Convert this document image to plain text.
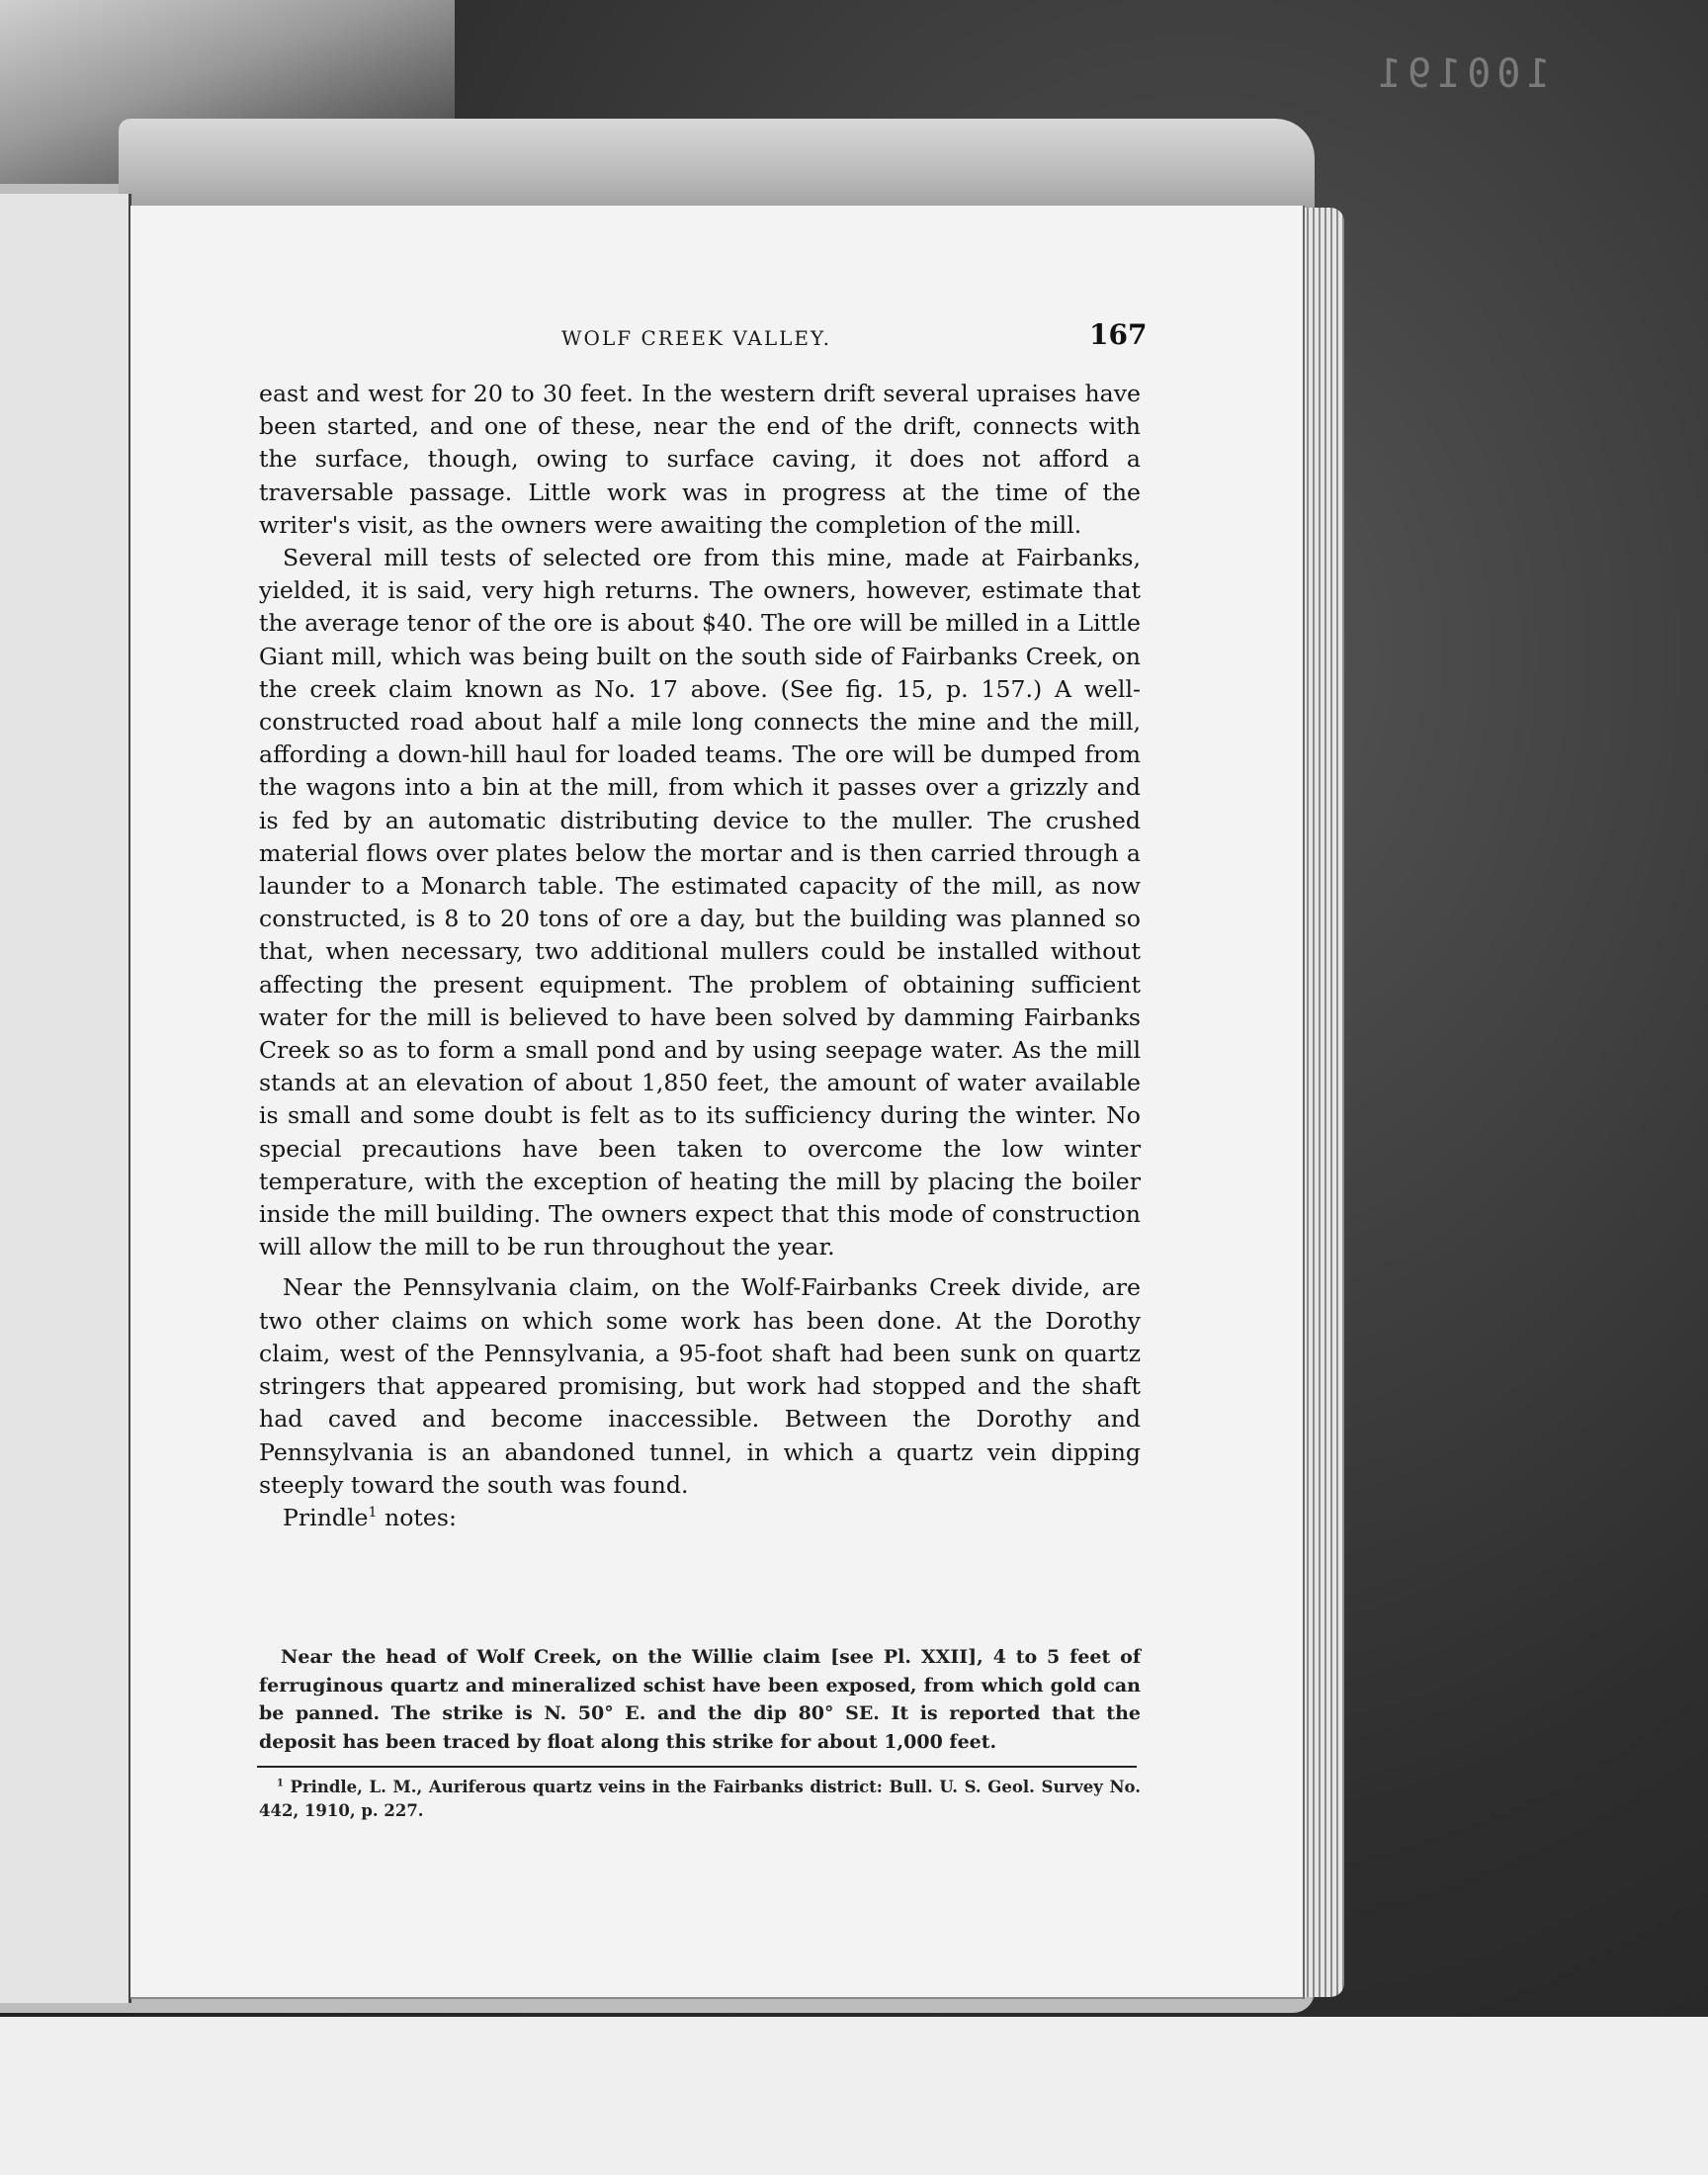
100191
WOLF CREEK VALLEY.	167

east and west for 20 to 30 feet. In the western drift several upraises have been started, and one of these, near the end of the drift, connects with the surface, though, owing to surface caving, it does not afford a traversable passage. Little work was in progress at the time of the writer's visit, as the owners were awaiting the completion of the mill.

Several mill tests of selected ore from this mine, made at Fairbanks, yielded, it is said, very high returns. The owners, however, estimate that the average tenor of the ore is about $40. The ore will be milled in a Little Giant mill, which was being built on the south side of Fairbanks Creek, on the creek claim known as No. 17 above. (See fig. 15, p. 157.) A well-constructed road about half a mile long connects the mine and the mill, affording a down-hill haul for loaded teams. The ore will be dumped from the wagons into a bin at the mill, from which it passes over a grizzly and is fed by an automatic distributing device to the muller. The crushed material flows over plates below the mortar and is then carried through a launder to a Monarch table. The estimated capacity of the mill, as now constructed, is 8 to 20 tons of ore a day, but the building was planned so that, when necessary, two additional mullers could be installed without affecting the present equipment. The problem of obtaining sufficient water for the mill is believed to have been solved by damming Fairbanks Creek so as to form a small pond and by using seepage water. As the mill stands at an elevation of about 1,850 feet, the amount of water available is small and some doubt is felt as to its sufficiency during the winter. No special precautions have been taken to overcome the low winter temperature, with the exception of heating the mill by placing the boiler inside the mill building. The owners expect that this mode of construction will allow the mill to be run throughout the year.

Near the Pennsylvania claim, on the Wolf-Fairbanks Creek divide, are two other claims on which some work has been done. At the Dorothy claim, west of the Pennsylvania, a 95-foot shaft had been sunk on quartz stringers that appeared promising, but work had stopped and the shaft had caved and become inaccessible. Between the Dorothy and Pennsylvania is an abandoned tunnel, in which a quartz vein dipping steeply toward the south was found.

Prindle$^1$ notes:

Near the head of Wolf Creek, on the Willie claim [see Pl. XXII], 4 to 5 feet of ferruginous quartz and mineralized schist have been exposed, from which gold can be panned. The strike is N. 50° E. and the dip 80° SE. It is reported that the deposit has been traced by float along this strike for about 1,000 feet.
$^1$ Prindle, L. M., Auriferous quartz veins in the Fairbanks district: Bull. U. S. Geol. Survey No. 442, 1910, p. 227.
